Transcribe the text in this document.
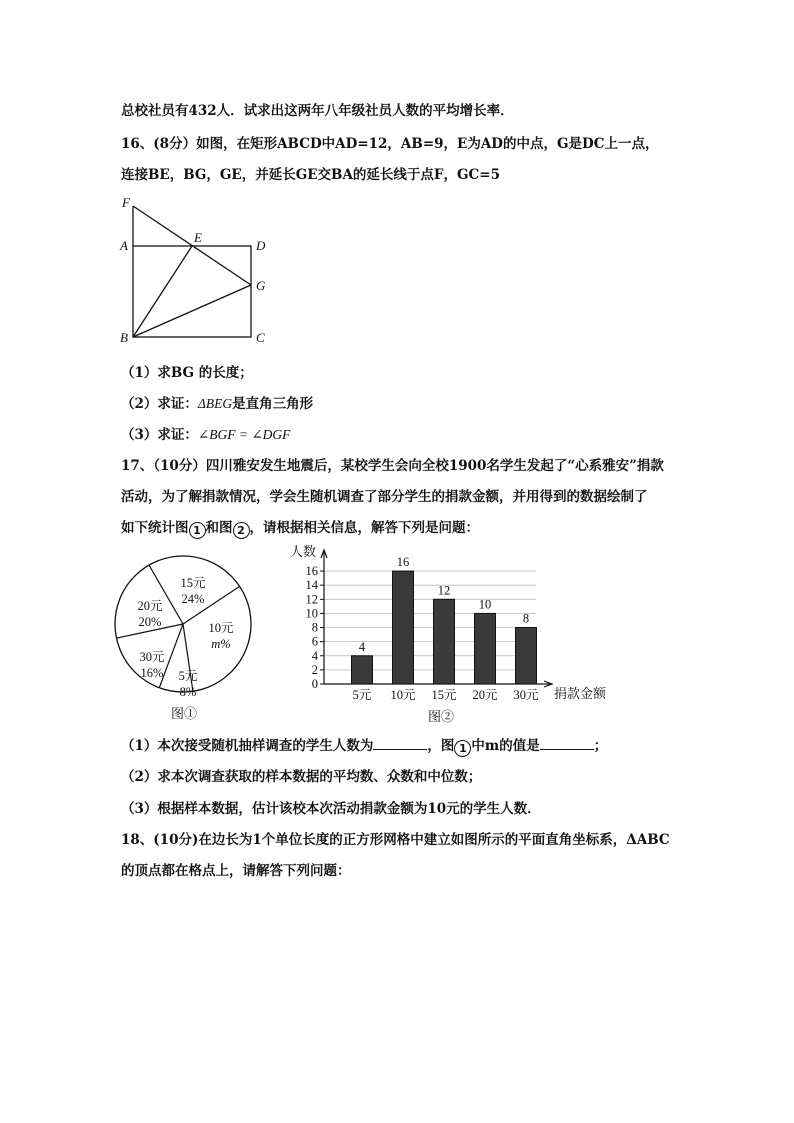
总校社员有432人．试求出这两年八年级社员人数的平均增长率．
16、(8分）如图，在矩形ABCD中AD=12，AB=9，E为AD的中点，G是DC上一点，
连接BE，BG，GE，并延长GE交BA的延长线于点F，GC=5
F
A
E
D
G
B	C
（1）求BG 的长度；
（2）求证：ΔBEG是直角三角形
（3）求证：∠BGF = ∠DGF
17、（10分）四川雅安发生地震后，某校学生会向全校1900名学生发起了“心系雅安”捐款
活动，为了解捐款情况，学会生随机调查了部分学生的捐款金额，并用得到的数据绘制了
如下统计图 1 和图 2 ，请根据相关信息，解答下列是问题：
15元
24%
10元
m%
5元
8%
30元
16%
20元
20%
图①
0
2
4
6
8
10
12
14
16
4
16
12
10
8
5元 10元 15元 20元 30元
人数
捐款金额
图②
（1）本次接受随机抽样调查的学生人数为	，图 1 中m的值是	；
（2）求本次调查获取的样本数据的平均数、众数和中位数；
（3）根据样本数据，估计该校本次活动捐款金额为10元的学生人数．
18、(10分)在边长为1个单位长度的正方形网格中建立如图所示的平面直角坐标系，ΔABC
的顶点都在格点上，请解答下列问题：
